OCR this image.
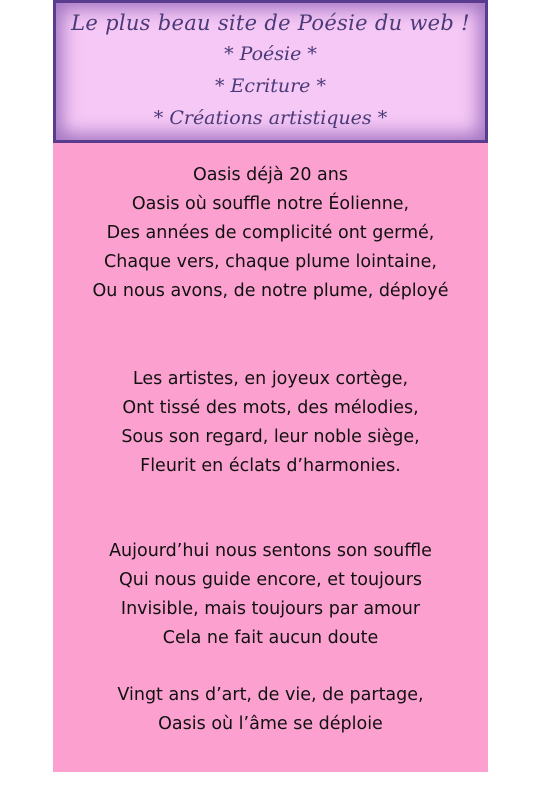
Le plus beau site de Poésie du web !
* Poésie *
* Ecriture *
* Créations artistiques *
Oasis déjà 20 ans
Oasis où souffle notre Éolienne,
Des années de complicité ont germé,
Chaque vers, chaque plume lointaine,
Ou nous avons, de notre plume, déployé
Les artistes, en joyeux cortège,
Ont tissé des mots, des mélodies,
Sous son regard, leur noble siège,
Fleurit en éclats d’harmonies.
Aujourd’hui nous sentons son souffle
Qui nous guide encore, et toujours
Invisible, mais toujours par amour
Cela ne fait aucun doute
Vingt ans d’art, de vie, de partage,
Oasis où l’âme se déploie
